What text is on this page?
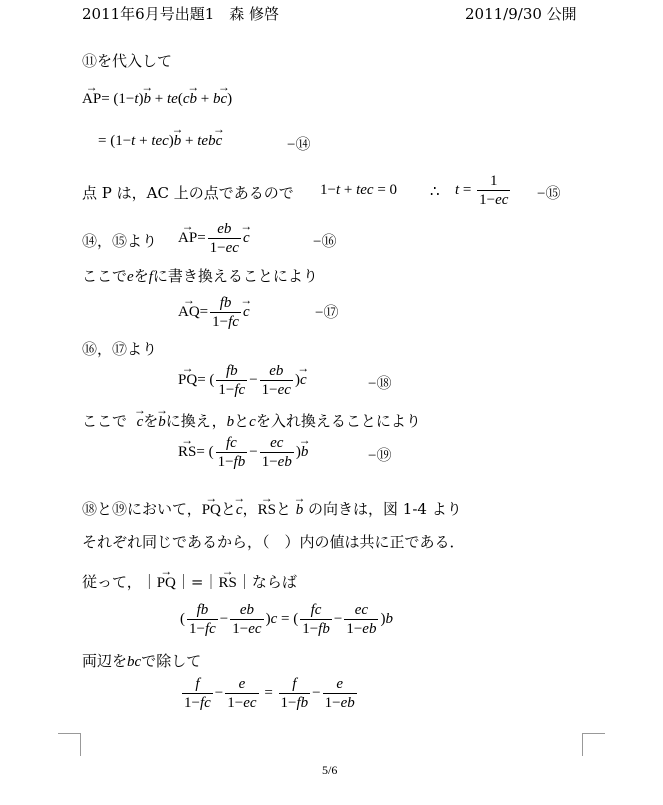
2011年6月号出題1　森 修啓	2011/9/30 公開
⑪を代入して
→ AP= (1−t)→ b + te(c→ b + b→ c)
= (1−t + tec)→ b + teb→ c	−⑭
点 P は，AC 上の点であるので 1−t + tec = 0 ∴ $t = \frac{1}{1-ec}$ −⑮
⑭，⑮より
→ $AP= \frac{eb}{1-ec}$
→ c	−⑯
ここでeをfに書き換えることにより
→ $AQ= \frac{fb}{1-fc}$
→ c	−⑰
⑯，⑰より
→ PQ= ( $\frac{fb}{1-fc} - \frac{eb}{1-ec}$ )→ c	−⑱
ここで  → cを→ bに換え，bとcを入れ換えることにより
→ RS= ( $\frac{fc}{1-fb} - \frac{ec}{1-eb}$ )→ b	−⑲
⑱と⑲において，→ PQと→ c，→ RSと → b の向きは，図 1-4 より
それぞれ同じであるから，（　）内の値は共に正である．
従って，｜→ PQ｜=｜→ RS｜ならば
( $\frac{fb}{1-fc} - \frac{eb}{1-ec} )c$ = ( $\frac{fc}{1-fb} - \frac{ec}{1-eb} )b$
両辺をbcで除して
$\frac{f}{1-fc} - \frac{e}{1-ec} = \frac{f}{1-fb} - \frac{e}{1-eb}$
5/6
